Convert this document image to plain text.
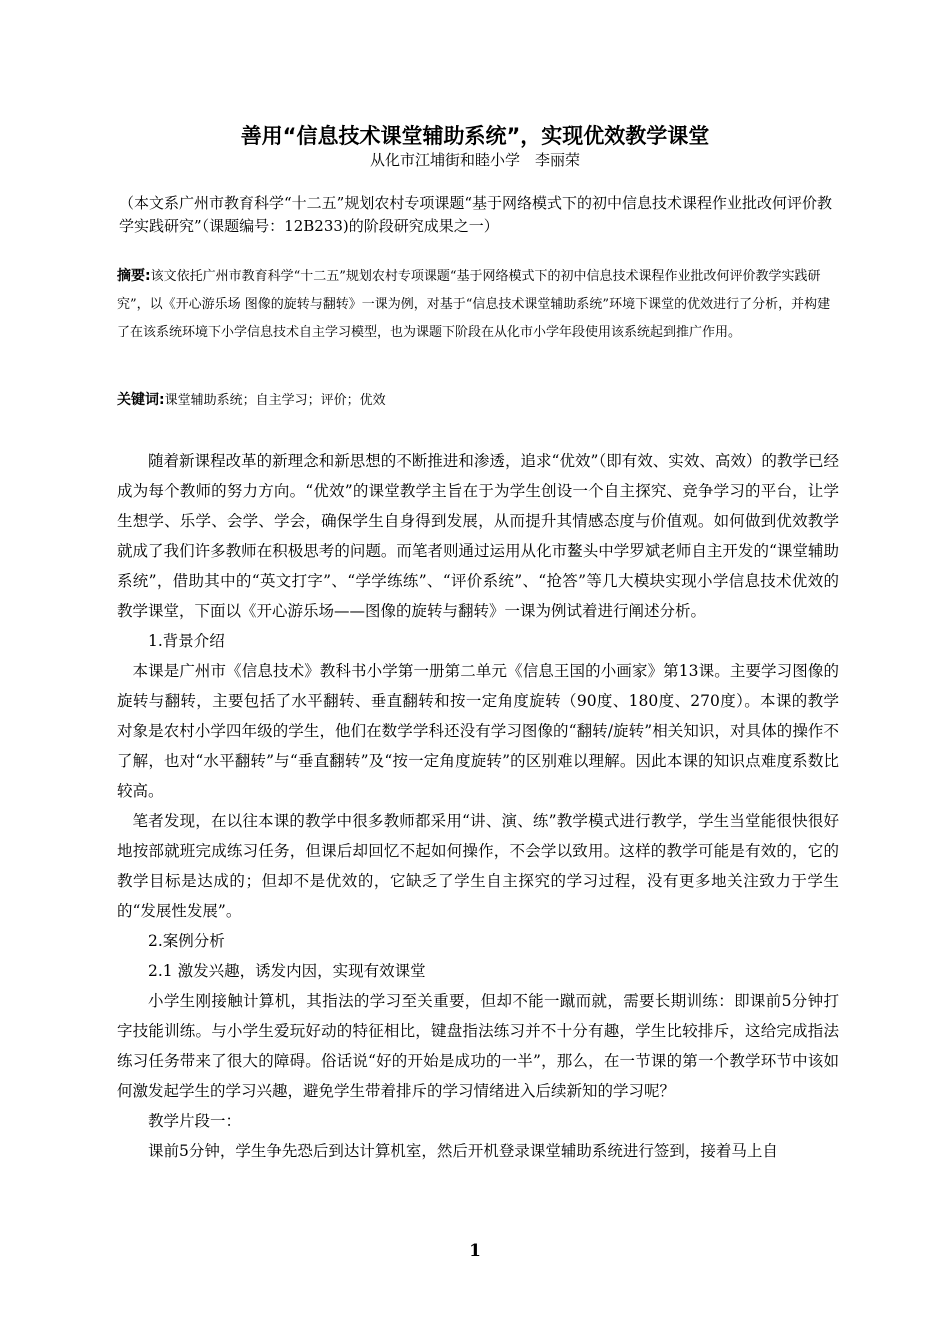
善用“信息技术课堂辅助系统”，实现优效教学课堂
从化市江埔街和睦小学　李丽荣
（本文系广州市教育科学“十二五”规划农村专项课题“基于网络模式下的初中信息技术课程作业批改何评价教学实践研究”（课题编号：12B233)的阶段研究成果之一）
摘要:该文依托广州市教育科学“十二五”规划农村专项课题“基于网络模式下的初中信息技术课程作业批改何评价教学实践研究”，以《开心游乐场 图像的旋转与翻转》一课为例，对基于“信息技术课堂辅助系统”环境下课堂的优效进行了分析，并构建了在该系统环境下小学信息技术自主学习模型，也为课题下阶段在从化市小学年段使用该系统起到推广作用。
关键词:课堂辅助系统；自主学习；评价；优效

随着新课程改革的新理念和新思想的不断推进和渗透，追求“优效”（即有效、实效、高效）的教学已经成为每个教师的努力方向。“优效”的课堂教学主旨在于为学生创设一个自主探究、竞争学习的平台，让学生想学、乐学、会学、学会，确保学生自身得到发展，从而提升其情感态度与价值观。如何做到优效教学就成了我们许多教师在积极思考的问题。而笔者则通过运用从化市鳌头中学罗斌老师自主开发的“课堂辅助系统”，借助其中的“英文打字”、“学学练练”、“评价系统”、“抢答”等几大模块实现小学信息技术优效的教学课堂，下面以《开心游乐场——图像的旋转与翻转》一课为例试着进行阐述分析。

1.背景介绍

本课是广州市《信息技术》教科书小学第一册第二单元《信息王国的小画家》第13课。主要学习图像的旋转与翻转，主要包括了水平翻转、垂直翻转和按一定角度旋转（90度、180度、270度）。本课的教学对象是农村小学四年级的学生，他们在数学学科还没有学习图像的“翻转/旋转”相关知识，对具体的操作不了解，也对“水平翻转”与“垂直翻转”及“按一定角度旋转”的区别难以理解。因此本课的知识点难度系数比较高。

笔者发现，在以往本课的教学中很多教师都采用“讲、演、练”教学模式进行教学，学生当堂能很快很好地按部就班完成练习任务，但课后却回忆不起如何操作，不会学以致用。这样的教学可能是有效的，它的教学目标是达成的；但却不是优效的，它缺乏了学生自主探究的学习过程，没有更多地关注致力于学生的“发展性发展”。

2.案例分析

2.1 激发兴趣，诱发内因，实现有效课堂

小学生刚接触计算机，其指法的学习至关重要，但却不能一蹴而就，需要长期训练：即课前5分钟打字技能训练。与小学生爱玩好动的特征相比，键盘指法练习并不十分有趣，学生比较排斥，这给完成指法练习任务带来了很大的障碍。俗话说“好的开始是成功的一半”，那么，在一节课的第一个教学环节中该如何激发起学生的学习兴趣，避免学生带着排斥的学习情绪进入后续新知的学习呢？

教学片段一：

课前5分钟，学生争先恐后到达计算机室，然后开机登录课堂辅助系统进行签到，接着马上自

1
